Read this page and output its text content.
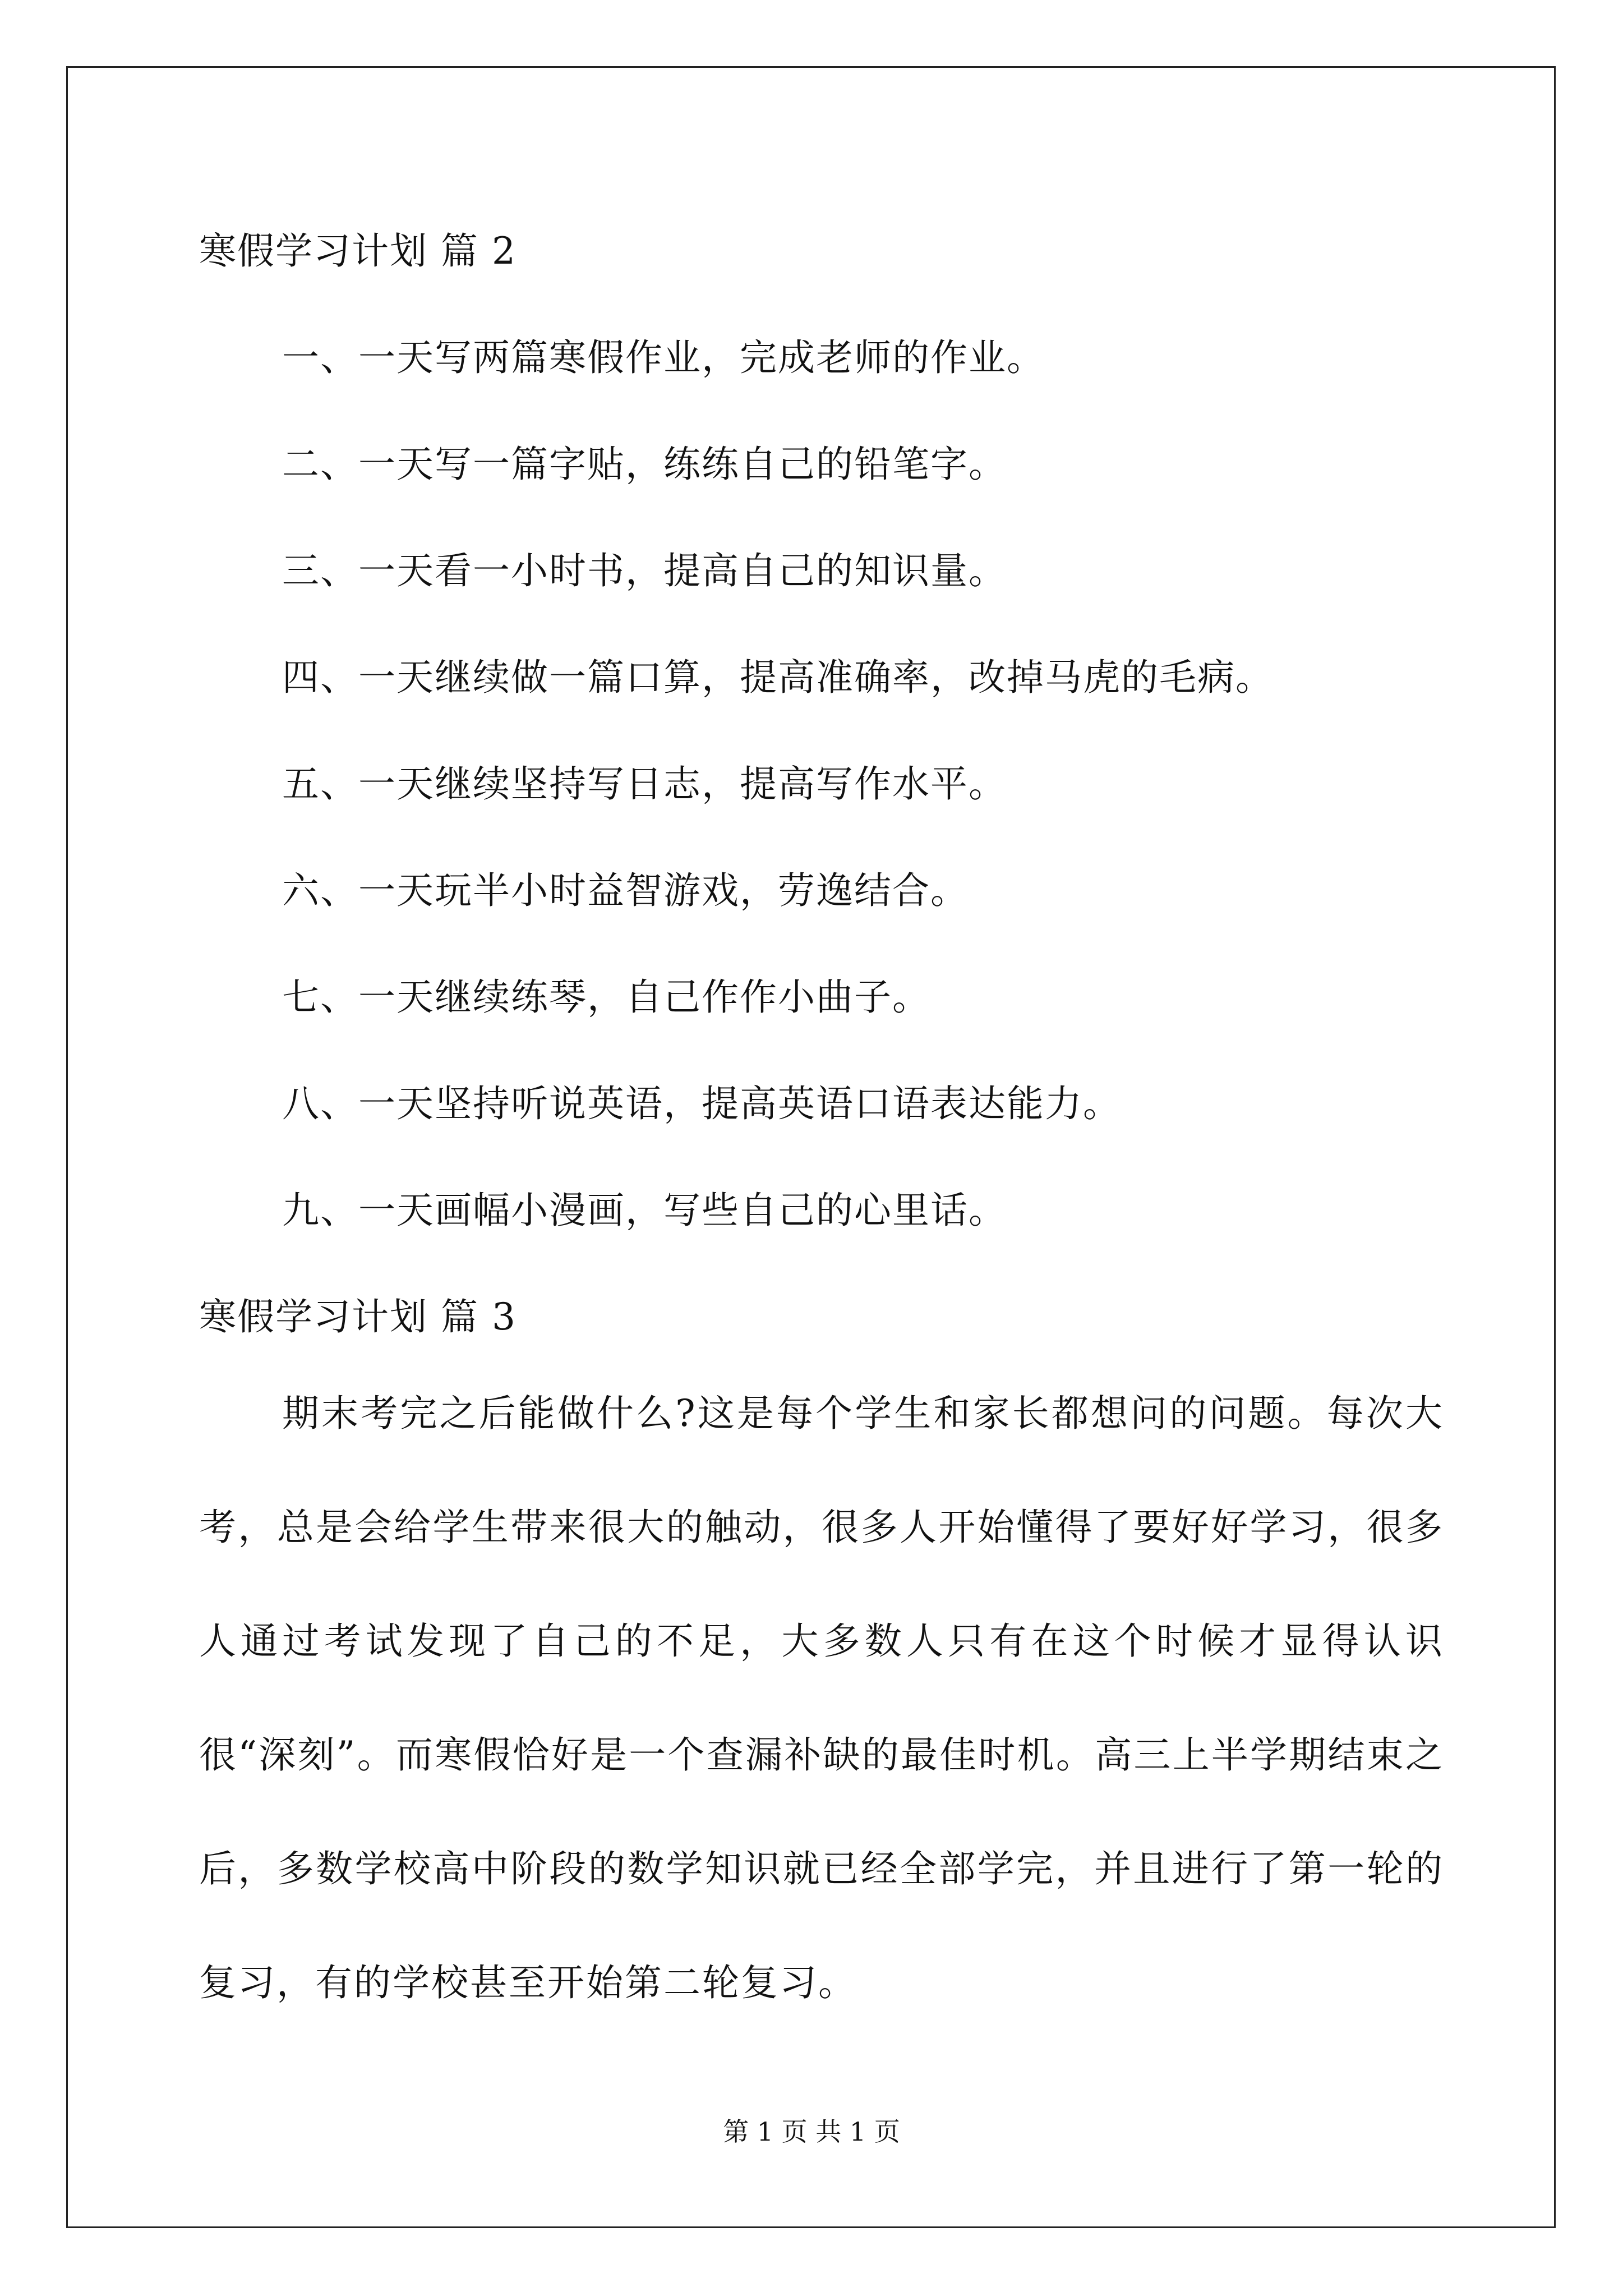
寒假学习计划 篇 2
一、一天写两篇寒假作业，完成老师的作业。
二、一天写一篇字贴，练练自己的铅笔字。
三、一天看一小时书，提高自己的知识量。
四、一天继续做一篇口算，提高准确率，改掉马虎的毛病。
五、一天继续坚持写日志，提高写作水平。
六、一天玩半小时益智游戏，劳逸结合。
七、一天继续练琴，自己作作小曲子。
八、一天坚持听说英语，提高英语口语表达能力。
九、一天画幅小漫画，写些自己的心里话。
寒假学习计划 篇 3

期末考完之后能做什么?这是每个学生和家长都想问的问题。每次大考，总是会给学生带来很大的触动，很多人开始懂得了要好好学习，很多人通过考试发现了自己的不足，大多数人只有在这个时候才显得认识很“深刻”。而寒假恰好是一个查漏补缺的最佳时机。高三上半学期结束之后，多数学校高中阶段的数学知识就已经全部学完，并且进行了第一轮的复习，有的学校甚至开始第二轮复习。

第 1 页 共 1 页
